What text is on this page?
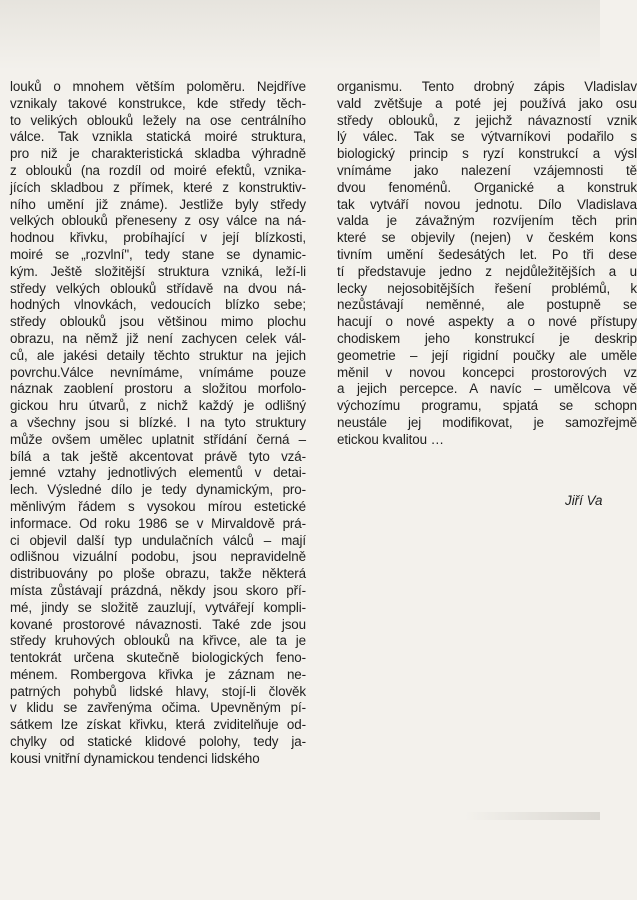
louků o mnohem větším poloměru. Nejdříve
vznikaly takové konstrukce, kde středy těch-
to velikých oblouků ležely na ose centrálního
válce. Tak vznikla statická moiré struktura,
pro niž je charakteristická skladba výhradně
z oblouků (na rozdíl od moiré efektů, vznika-
jících skladbou z přímek, které z konstruktiv-
ního umění již známe). Jestliže byly středy
velkých oblouků přeneseny z osy válce na ná-
hodnou křivku, probíhající v její blízkosti,
moiré se „rozvlní", tedy stane se dynamic-
kým. Ještě složitější struktura vzniká, leží-li
středy velkých oblouků střídavě na dvou ná-
hodných vlnovkách, vedoucích blízko sebe;
středy oblouků jsou většinou mimo plochu
obrazu, na němž již není zachycen celek vál-
ců, ale jakési detaily těchto struktur na jejich
povrchu.Válce nevnímáme, vnímáme pouze
náznak zaoblení prostoru a složitou morfolo-
gickou hru útvarů, z nichž každý je odlišný
a všechny jsou si blízké. I na tyto struktury
může ovšem umělec uplatnit střídání černá –
bílá a tak ještě akcentovat právě tyto vzá-
jemné vztahy jednotlivých elementů v detai-
lech. Výsledné dílo je tedy dynamickým, pro-
měnlivým řádem s vysokou mírou estetické
informace. Od roku 1986 se v Mirvaldově prá-
ci objevil další typ undulačních válců – mají
odlišnou vizuální podobu, jsou nepravidelně
distribuovány po ploše obrazu, takže některá
místa zůstávají prázdná, někdy jsou skoro pří-
mé, jindy se složitě zauzlují, vytvářejí kompli-
kované prostorové návaznosti. Také zde jsou
středy kruhových oblouků na křivce, ale ta je
tentokrát určena skutečně biologických feno-
ménem. Rombergova křivka je záznam ne-
patrných pohybů lidské hlavy, stojí-li člověk
v klidu se zavřenýma očima. Upevněným pí-
sátkem lze získat křivku, která zviditelňuje od-
chylky od statické klidové polohy, tedy ja-
kousi vnitřní dynamickou tendenci lidského
organismu. Tento drobný zápis Vladislav
vald zvětšuje a poté jej používá jako osu
středy oblouků, z jejichž návazností vznik
lý válec. Tak se výtvarníkovi podařilo s
biologický princip s ryzí konstrukcí a výsl
vnímáme jako nalezení vzájemnosti tě
dvou fenoménů. Organické a konstruk
tak vytváří novou jednotu. Dílo Vladislava
valda je závažným rozvíjením těch prin
které se objevily (nejen) v českém kons
tivním umění šedesátých let. Po tři dese
tí představuje jedno z nejdůležitějších a u
lecky nejosobitějších řešení problémů, k
nezůstávají neměnné, ale postupně se
hacují o nové aspekty a o nové přístupy
chodiskem jeho konstrukcí je deskrip
geometrie – její rigidní poučky ale uměle
měnil v novou koncepci prostorových vz
a jejich percepce. A navíc – umělcova vě
výchozímu programu, spjatá se schopn
neustále jej modifikovat, je samozřejmě
etickou kvalitou …
Jiří Va
